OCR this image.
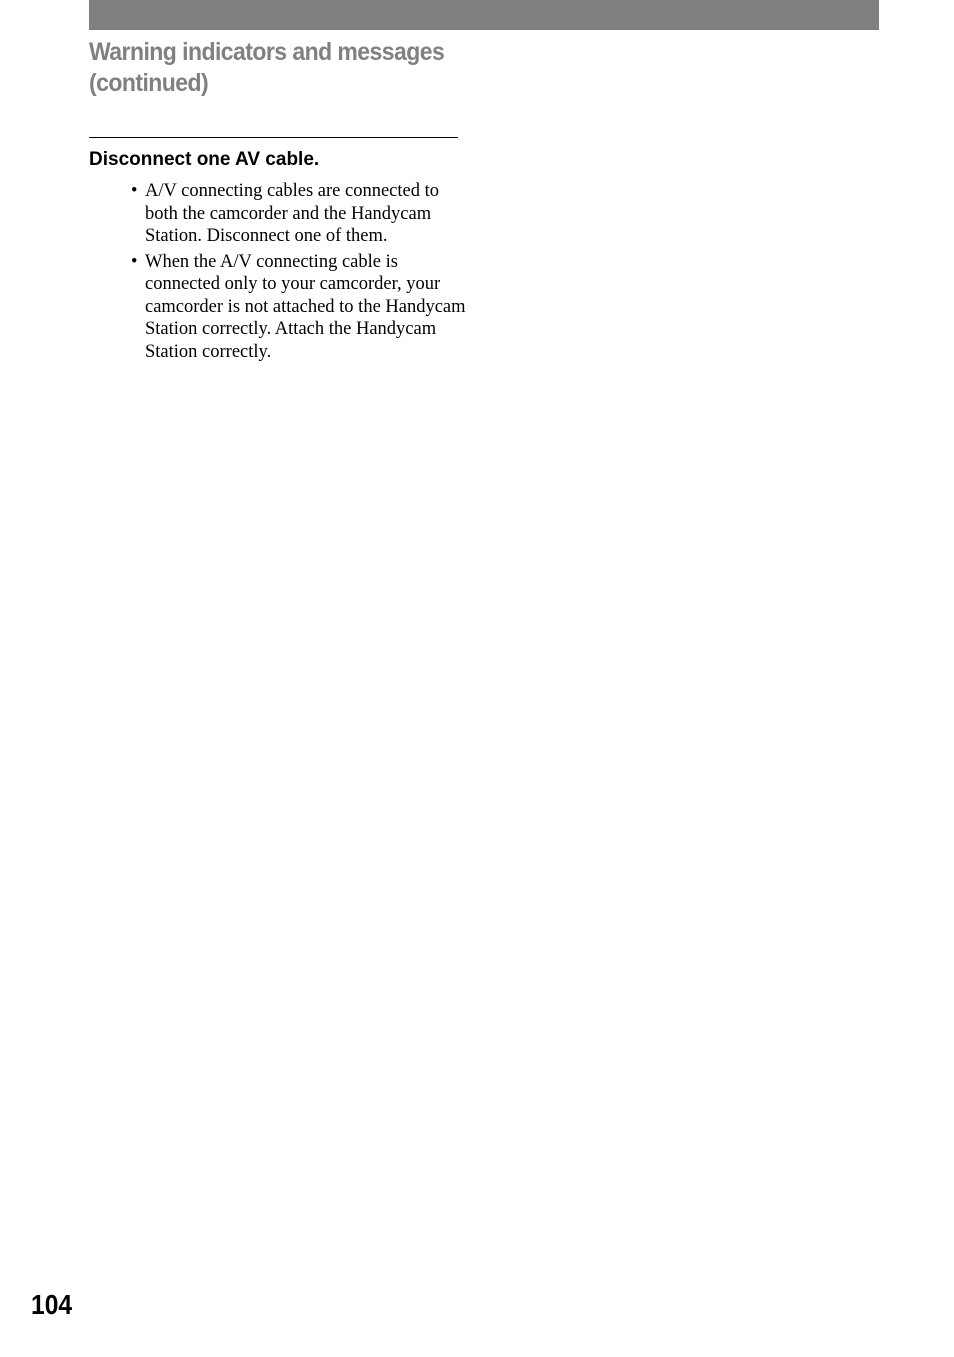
Warning indicators and messages
(continued)
Disconnect one AV cable.
• A/V connecting cables are connected to both the camcorder and the Handycam Station. Disconnect one of them.
• When the A/V connecting cable is connected only to your camcorder, your camcorder is not attached to the Handycam Station correctly. Attach the Handycam Station correctly.

104
